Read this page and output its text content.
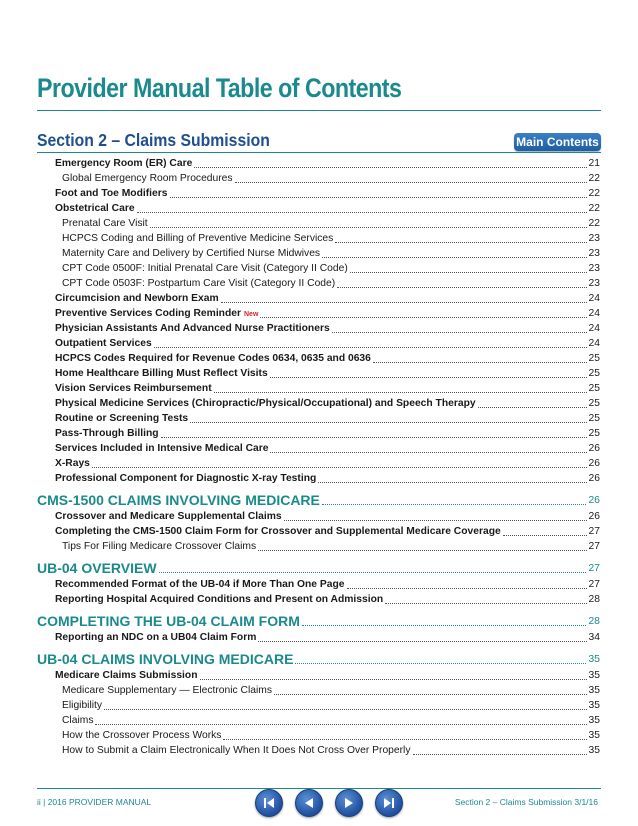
Provider Manual Table of Contents
Section 2 – Claims Submission	Main Contents
Emergency Room (ER) Care	21
Global Emergency Room Procedures	22
Foot and Toe Modifiers	22
Obstetrical Care	22
Prenatal Care Visit	22
HCPCS Coding and Billing of Preventive Medicine Services	23
Maternity Care and Delivery by Certified Nurse Midwives	23
CPT Code 0500F: Initial Prenatal Care Visit (Category II Code)	23
CPT Code 0503F: Postpartum Care Visit (Category II Code)	23
Circumcision and Newborn Exam	24
Preventive Services Coding Reminder New	24
Physician Assistants And Advanced Nurse Practitioners	24
Outpatient Services	24
HCPCS Codes Required for Revenue Codes 0634, 0635 and 0636	25
Home Healthcare Billing Must Reflect Visits	25
Vision Services Reimbursement	25
Physical Medicine Services (Chiropractic/Physical/Occupational) and Speech Therapy	25
Routine or Screening Tests	25
Pass-Through Billing	25
Services Included in Intensive Medical Care	26
X-Rays	26
Professional Component for Diagnostic X-ray Testing	26
CMS-1500 CLAIMS INVOLVING MEDICARE	26
Crossover and Medicare Supplemental Claims	26
Completing the CMS-1500 Claim Form for Crossover and Supplemental Medicare Coverage	27
Tips For Filing Medicare Crossover Claims	27
UB-04 OVERVIEW	27
Recommended Format of the UB-04 if More Than One Page	27
Reporting Hospital Acquired Conditions and Present on Admission	28
COMPLETING THE UB-04 CLAIM FORM	28
Reporting an NDC on a UB04 Claim Form	34
UB-04 CLAIMS INVOLVING MEDICARE	35
Medicare Claims Submission	35
Medicare Supplementary — Electronic Claims	35
Eligibility	35
Claims	35
How the Crossover Process Works	35
How to Submit a Claim Electronically When It Does Not Cross Over Properly	35
ii | 2016 PROVIDER MANUAL	Section 2 – Claims Submission 3/1/16
